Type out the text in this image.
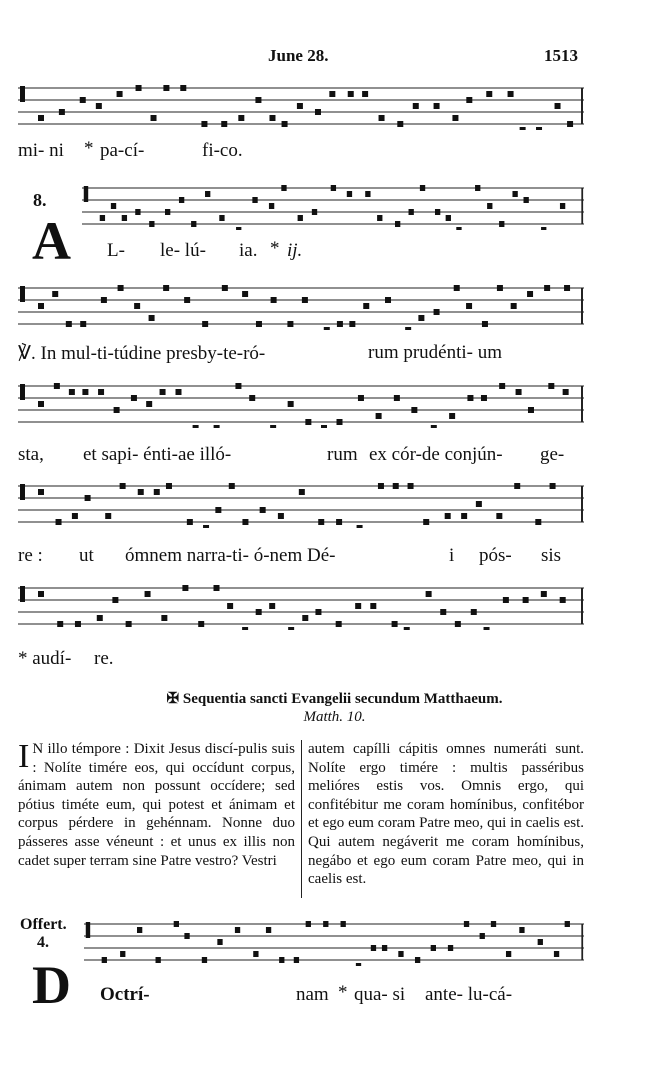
June 28.	1513
mi- ni * pa-cí-	fi-co.
8.
A L- le- lú- ia. * ij.
℣. In mul-ti-túdine presby-te-ró-	rum prudénti- um
sta, et sapi- énti-ae illó-	rum ex cór-de conjún- ge-
re : ut ómnem narra-ti- ó-nem Dé-	i pós- sis
* audí- re.
✠ Sequentia sancti Evangelii secundum Matthaeum.
Matth. 10.
I N illo témpore : Dixit Jesus discí-pulis suis : Nolíte timére eos, qui occídunt corpus, ánimam autem non possunt occídere; sed pótius timéte eum, qui potest et ánimam et corpus pérdere in gehénnam. Nonne duo pásseres asse véneunt : et unus ex illis non cadet super terram sine Patre vestro? Vestri
autem capílli cápitis omnes numeráti sunt. Nolíte ergo timére : multis passéribus melióres estis vos. Omnis ergo, qui confitébitur me coram homínibus, confitébor et ego eum coram Patre meo, qui in caelis est. Qui autem negáverit me coram homínibus, negábo et ego eum coram Patre meo, qui in caelis est.
Offert.
4.
D Octrí-	nam * qua- si ante- lu-cá-
